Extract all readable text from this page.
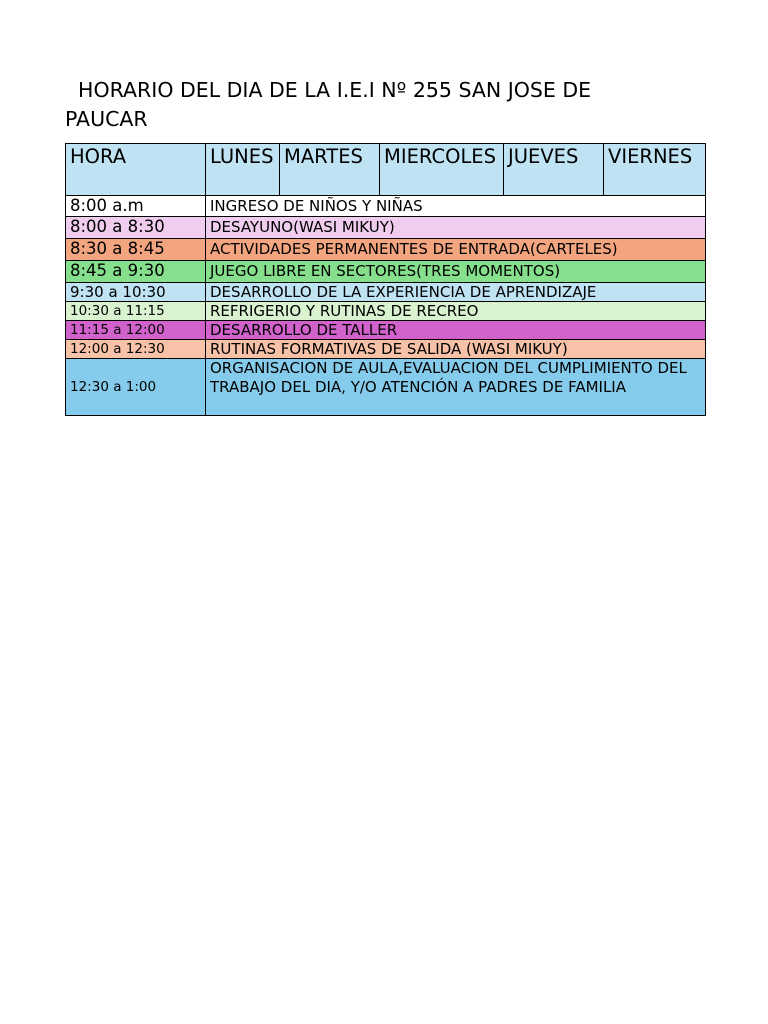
HORARIO DEL DIA DE LA I.E.I Nº 255 SAN JOSE DE PAUCAR
HORA	LUNES	MARTES	MIERCOLES	JUEVES	VIERNES
8:00 a.m	INGRESO DE NIÑOS Y NIÑAS				
8:00 a 8:30	DESAYUNO(WASI MIKUY)				
8:30 a 8:45	ACTIVIDADES PERMANENTES DE ENTRADA(CARTELES)				
8:45 a 9:30	JUEGO LIBRE EN SECTORES(TRES MOMENTOS)				
9:30 a 10:30	DESARROLLO DE LA EXPERIENCIA DE APRENDIZAJE				
10:30 a 11:15	REFRIGERIO Y RUTINAS DE RECREO				
11:15 a 12:00	DESARROLLO DE TALLER				
12:00 a 12:30	RUTINAS FORMATIVAS DE SALIDA (WASI MIKUY)				
12:30 a 1:00	ORGANISACION DE AULA,EVALUACION DEL CUMPLIMIENTO DEL TRABAJO DEL DIA, Y/O ATENCIÓN A PADRES DE FAMILIA				
